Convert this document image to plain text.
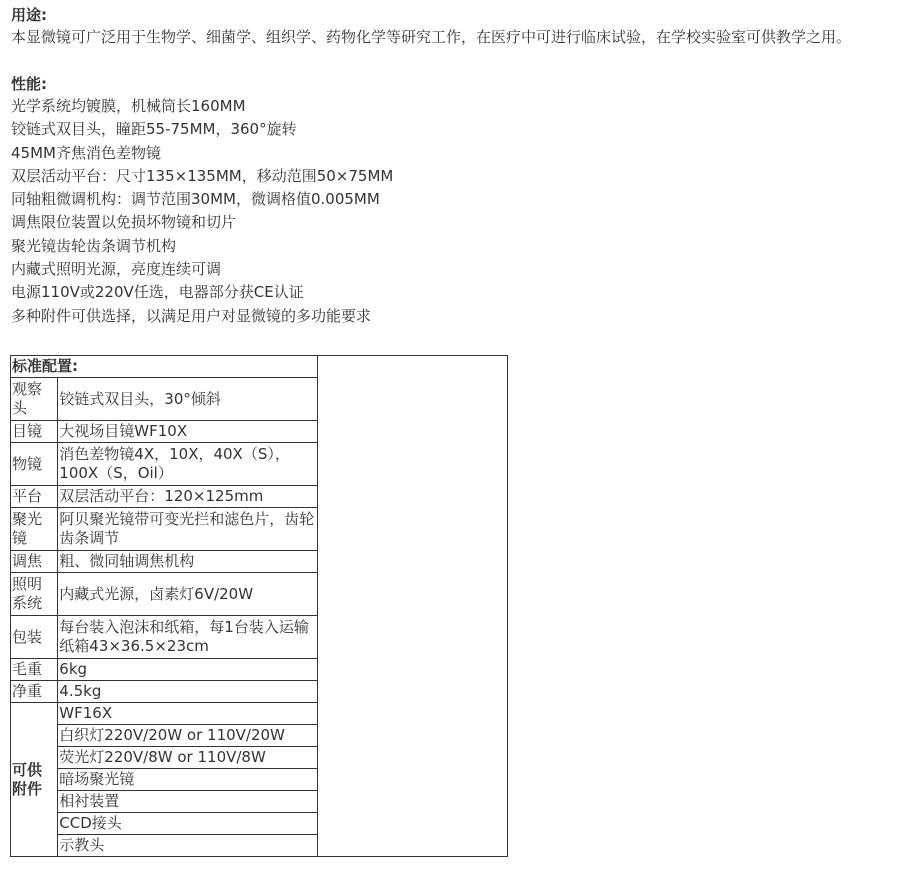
用途:

本显微镜可广泛用于生物学、细菌学、组织学、药物化学等研究工作，在医疗中可进行临床试验，在学校实验室可供教学之用。

性能:

光学系统均镀膜，机械筒长160MM
铰链式双目头，瞳距55-75MM，360°旋转
45MM齐焦消色差物镜
双层活动平台：尺寸135×135MM，移动范围50×75MM
同轴粗微调机构：调节范围30MM，微调格值0.005MM
调焦限位装置以免损坏物镜和切片
聚光镜齿轮齿条调节机构
内藏式照明光源，亮度连续可调
电源110V或220V任选，电器部分获CE认证
多种附件可供选择，以满足用户对显微镜的多功能要求
标准配置:		
观察头	铰链式双目头，30°倾斜	
目镜	大视场目镜WF10X	
物镜	消色差物镜4X，10X，40X（S），100X（S，Oil）	
平台	双层活动平台：120×125mm	
聚光镜	阿贝聚光镜带可变光拦和滤色片，齿轮齿条调节	
调焦	粗、微同轴调焦机构	
照明系统	内藏式光源，卤素灯6V/20W	
包装	每台装入泡沫和纸箱，每1台装入运输纸箱43×36.5×23cm	
毛重	6kg	
净重	4.5kg	
可供附件	WF16X	
	白织灯220V/20W or 110V/20W	
	荧光灯220V/8W or 110V/8W	
	暗场聚光镜	
	相衬装置	
	CCD接头	
	示教头	
